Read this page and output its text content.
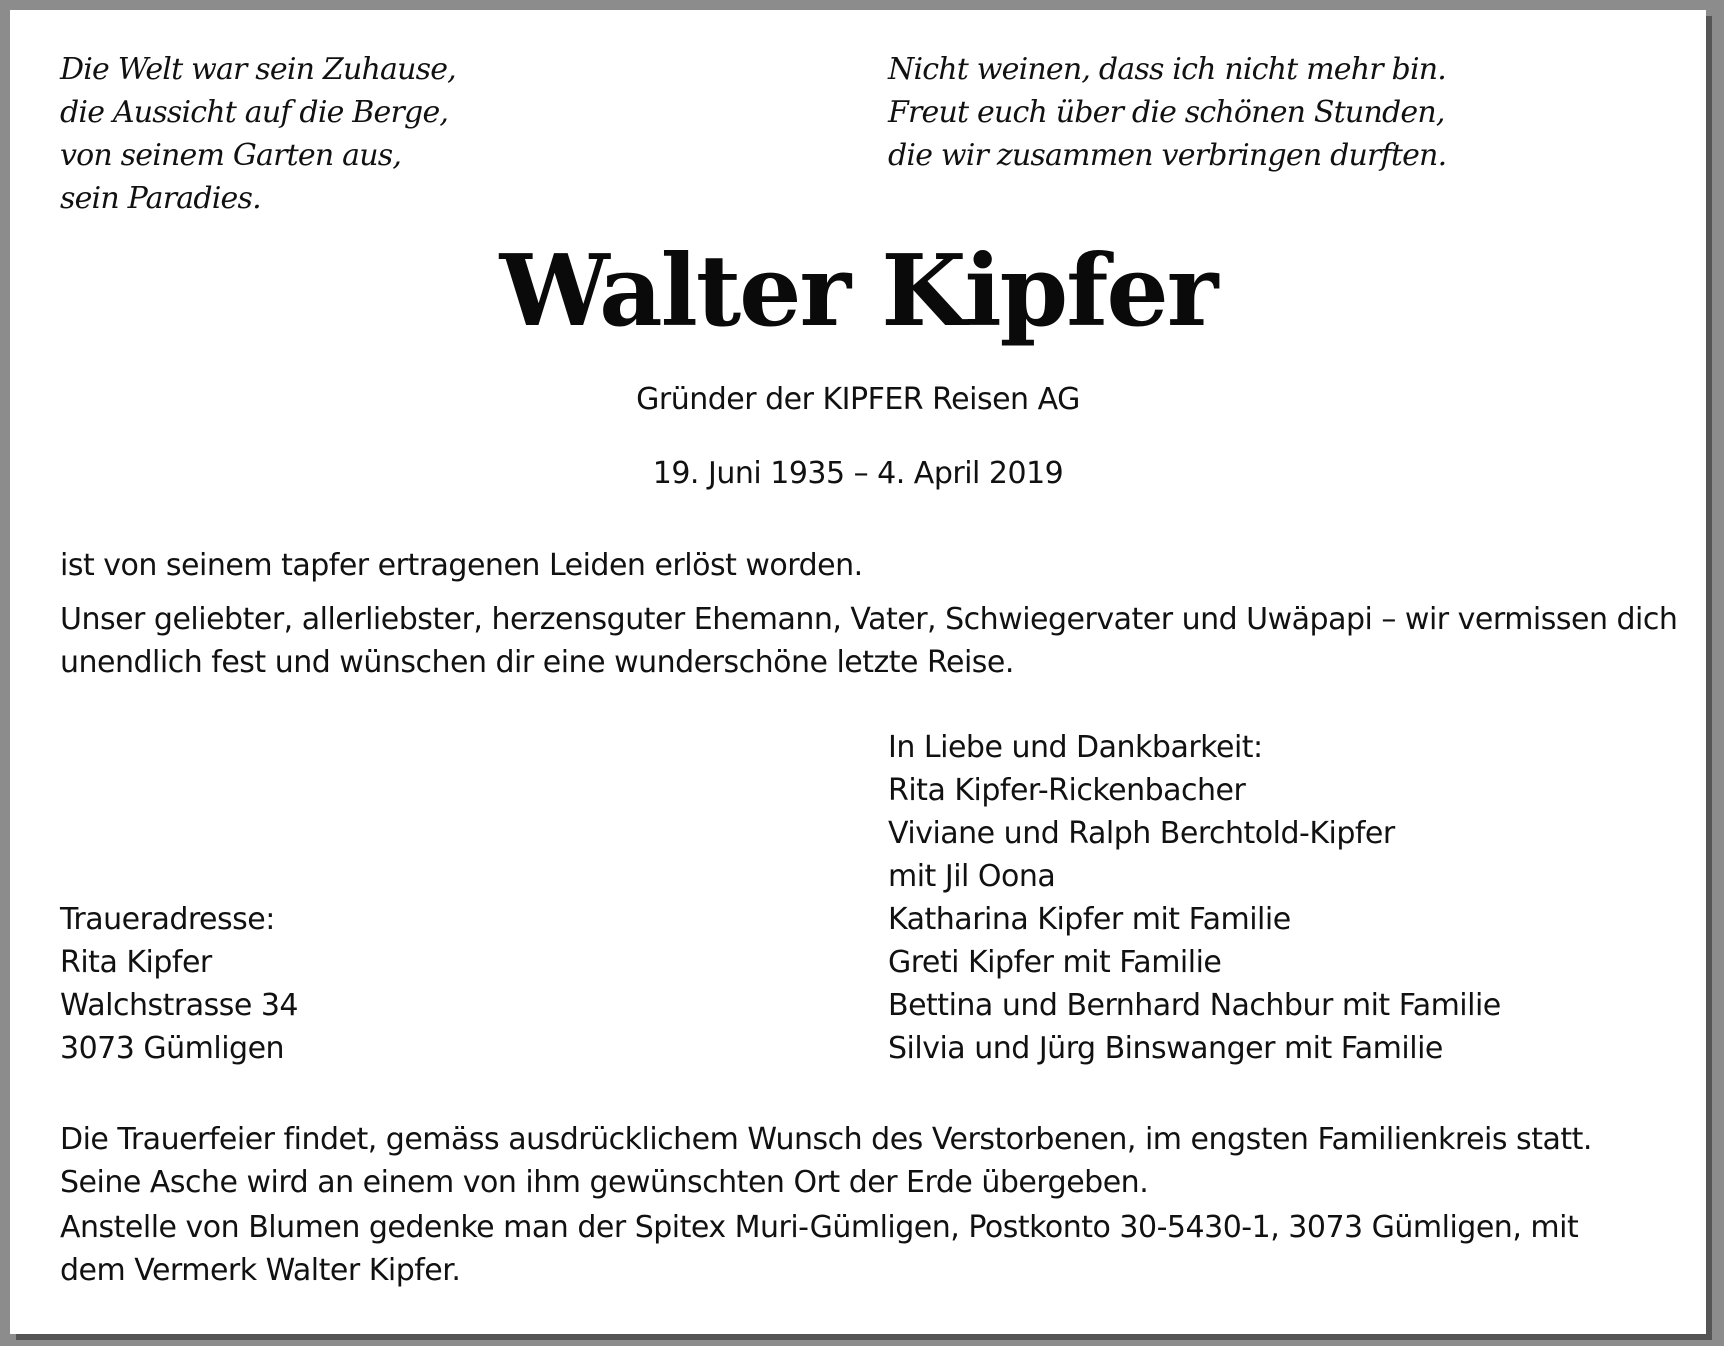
Die Welt war sein Zuhause,
die Aussicht auf die Berge,
von seinem Garten aus,
sein Paradies.
Nicht weinen, dass ich nicht mehr bin.
Freut euch über die schönen Stunden,
die wir zusammen verbringen durften.
Walter Kipfer
Gründer der KIPFER Reisen AG
19. Juni 1935 – 4. April 2019
ist von seinem tapfer ertragenen Leiden erlöst worden.
Unser geliebter, allerliebster, herzensguter Ehemann, Vater, Schwiegervater und Uwäpapi – wir vermissen dich
unendlich fest und wünschen dir eine wunderschöne letzte Reise.
In Liebe und Dankbarkeit:
Rita Kipfer-Rickenbacher
Viviane und Ralph Berchtold-Kipfer
mit Jil Oona
Katharina Kipfer mit Familie
Greti Kipfer mit Familie
Bettina und Bernhard Nachbur mit Familie
Silvia und Jürg Binswanger mit Familie
Traueradresse:
Rita Kipfer
Walchstrasse 34
3073 Gümligen
Die Trauerfeier findet, gemäss ausdrücklichem Wunsch des Verstorbenen, im engsten Familienkreis statt.
Seine Asche wird an einem von ihm gewünschten Ort der Erde übergeben.
Anstelle von Blumen gedenke man der Spitex Muri-Gümligen, Postkonto 30-5430-1, 3073 Gümligen, mit
dem Vermerk Walter Kipfer.
